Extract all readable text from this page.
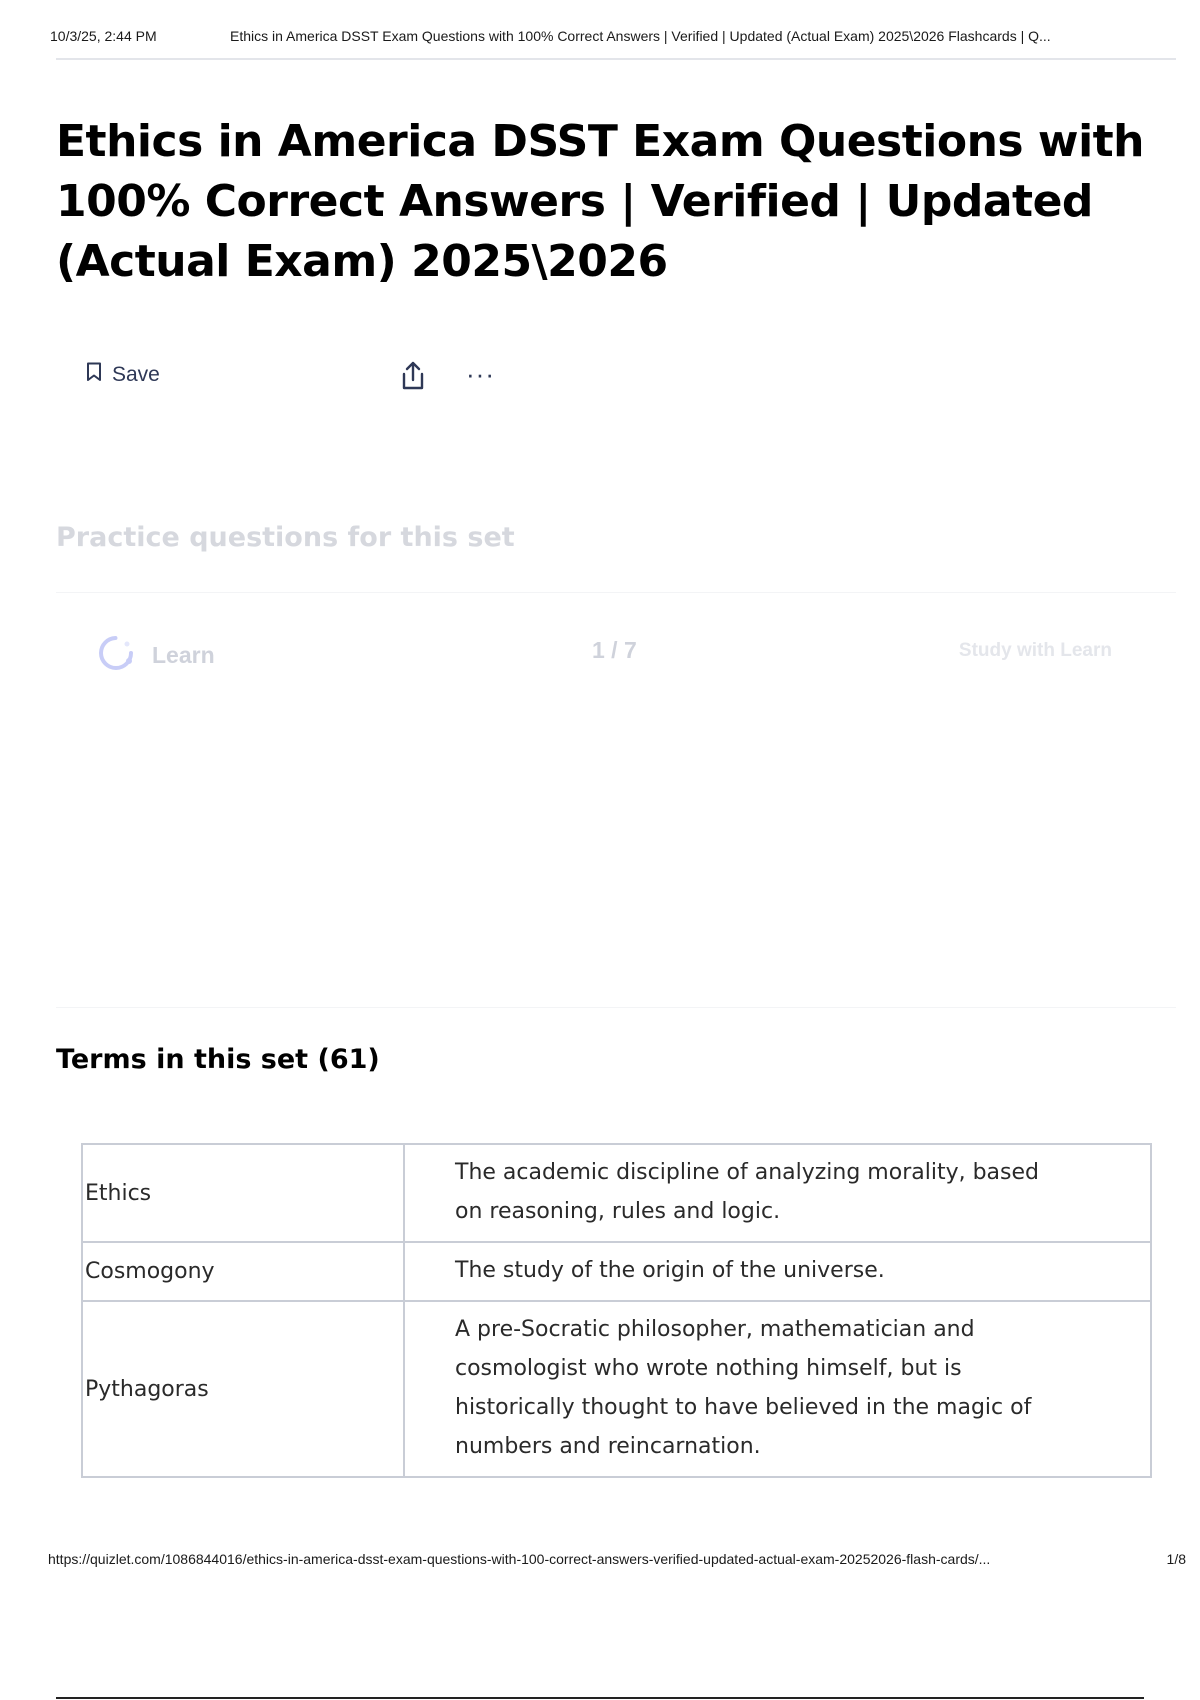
10/3/25, 2:44 PM	Ethics in America DSST Exam Questions with 100% Correct Answers | Verified | Updated (Actual Exam) 2025\2026 Flashcards | Q...
Ethics in America DSST Exam Questions with 100% Correct Answers | Verified | Updated (Actual Exam) 2025\2026
Save	···
Practice questions for this set
Learn	1 / 7	Study with Learn
Terms in this set (61)
Ethics	The academic discipline of analyzing morality, based on reasoning, rules and logic.

Cosmogony	The study of the origin of the universe.

Pythagoras	A pre-Socratic philosopher, mathematician and cosmologist who wrote nothing himself, but is historically thought to have believed in the magic of numbers and reincarnation.
https://quizlet.com/1086844016/ethics-in-america-dsst-exam-questions-with-100-correct-answers-verified-updated-actual-exam-20252026-flash-cards/...	1/8
